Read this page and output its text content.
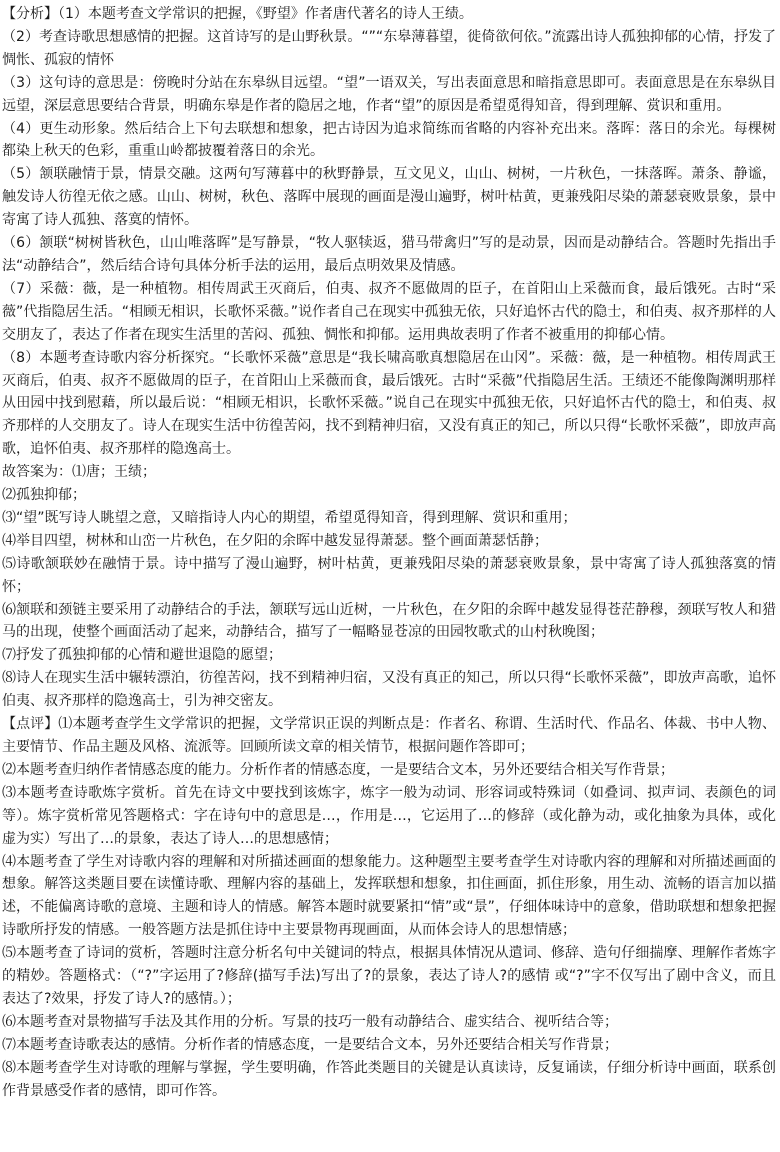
【分析】（1）本题考查文学常识的把握，《野望》作者唐代著名的诗人王绩。

（2）考查诗歌思想感情的把握。这首诗写的是山野秋景。“”“东皋薄暮望，徙倚欲何依。”流露出诗人孤独抑郁的心情，抒发了惆怅、孤寂的情怀

（3）这句诗的意思是：傍晚时分站在东皋纵目远望。“望”一语双关，写出表面意思和暗指意思即可。表面意思是在东皋纵目远望，深层意思要结合背景，明确东皋是作者的隐居之地，作者“望”的原因是希望觅得知音，得到理解、赏识和重用。

（4）更生动形象。然后结合上下句去联想和想象，把古诗因为追求简练而省略的内容补充出来。落晖：落日的余光。每棵树都染上秋天的色彩，重重山岭都披覆着落日的余光。

（5）颔联融情于景，情景交融。这两句写薄暮中的秋野静景，互文见义，山山、树树，一片秋色，一抹落晖。萧条、静谧，触发诗人彷徨无依之感。山山、树树，秋色、落晖中展现的画面是漫山遍野，树叶枯黄，更兼残阳尽染的萧瑟衰败景象，景中寄寓了诗人孤独、落寞的情怀。

（6）颔联“树树皆秋色，山山唯落晖”是写静景，“牧人驱犊返，猎马带禽归”写的是动景，因而是动静结合。答题时先指出手法“动静结合”，然后结合诗句具体分析手法的运用，最后点明效果及情感。

（7）采薇：薇，是一种植物。相传周武王灭商后，伯夷、叔齐不愿做周的臣子，在首阳山上采薇而食，最后饿死。古时“采薇”代指隐居生活。“相顾无相识，长歌怀采薇。”说作者自己在现实中孤独无依，只好追怀古代的隐士，和伯夷、叔齐那样的人交朋友了，表达了作者在现实生活里的苦闷、孤独、惆怅和抑郁。运用典故表明了作者不被重用的抑郁心情。

（8）本题考查诗歌内容分析探究。“长歌怀采薇”意思是“我长啸高歌真想隐居在山冈”。采薇：薇，是一种植物。相传周武王灭商后，伯夷、叔齐不愿做周的臣子，在首阳山上采薇而食，最后饿死。古时“采薇”代指隐居生活。王绩还不能像陶渊明那样从田园中找到慰藉，所以最后说：“相顾无相识，长歌怀采薇。”说自己在现实中孤独无依，只好追怀古代的隐士，和伯夷、叔齐那样的人交朋友了。诗人在现实生活中彷徨苦闷，找不到精神归宿，又没有真正的知己，所以只得“长歌怀采薇”，即放声高歌，追怀伯夷、叔齐那样的隐逸高士。

故答案为：⑴唐；王绩；

⑵孤独抑郁；

⑶“望”既写诗人眺望之意，又暗指诗人内心的期望，希望觅得知音，得到理解、赏识和重用；

⑷举目四望，树林和山峦一片秋色，在夕阳的余晖中越发显得萧瑟。整个画面萧瑟恬静；

⑸诗歌颔联妙在融情于景。诗中描写了漫山遍野，树叶枯黄，更兼残阳尽染的萧瑟衰败景象，景中寄寓了诗人孤独落寞的情怀；

⑹颔联和颈链主要采用了动静结合的手法，颔联写远山近树，一片秋色，在夕阳的余晖中越发显得苍茫静穆，颈联写牧人和猎马的出现，使整个画面活动了起来，动静结合，描写了一幅略显苍凉的田园牧歌式的山村秋晚图；

⑺抒发了孤独抑郁的心情和避世退隐的愿望；

⑻诗人在现实生活中辗转漂泊，彷徨苦闷，找不到精神归宿，又没有真正的知己，所以只得“长歌怀采薇”，即放声高歌，追怀伯夷、叔齐那样的隐逸高士，引为神交密友。

【点评】⑴本题考查学生文学常识的把握，文学常识正误的判断点是：作者名、称谓、生活时代、作品名、体裁、书中人物、主要情节、作品主题及风格、流派等。回顾所读文章的相关情节，根据问题作答即可；

⑵本题考查归纳作者情感态度的能力。分析作者的情感态度，一是要结合文本，另外还要结合相关写作背景；

⑶本题考查诗歌炼字赏析。首先在诗文中要找到该炼字，炼字一般为动词、形容词或特殊词（如叠词、拟声词、表颜色的词等）。炼字赏析常见答题格式：字在诗句中的意思是…，作用是…，它运用了…的修辞（或化静为动，或化抽象为具体，或化虚为实）写出了…的景象，表达了诗人…的思想感情；

⑷本题考查了学生对诗歌内容的理解和对所描述画面的想象能力。这种题型主要考查学生对诗歌内容的理解和对所描述画面的想象。解答这类题目要在读懂诗歌、理解内容的基础上，发挥联想和想象，扣住画面，抓住形象，用生动、流畅的语言加以描述，不能偏离诗歌的意境、主题和诗人的情感。解答本题时就要紧扣“情”或“景”，仔细体味诗中的意象，借助联想和想象把握诗歌所抒发的情感。一般答题方法是抓住诗中主要景物再现画面，从而体会诗人的思想情感；

⑸本题考查了诗词的赏析，答题时注意分析名句中关键词的特点，根据具体情况从遣词、修辞、造句仔细揣摩、理解作者炼字的精妙。答题格式：（“?”字运用了?修辞(描写手法)写出了?的景象，表达了诗人?的感情 或“?”字不仅写出了剧中含义，而且表达了?效果，抒发了诗人?的感情。）；

⑹本题考查对景物描写手法及其作用的分析。写景的技巧一般有动静结合、虚实结合、视听结合等；

⑺本题考查诗歌表达的感情。分析作者的情感态度，一是要结合文本，另外还要结合相关写作背景；

⑻本题考查学生对诗歌的理解与掌握，学生要明确，作答此类题目的关键是认真读诗，反复诵读，仔细分析诗中画面，联系创作背景感受作者的感情，即可作答。
